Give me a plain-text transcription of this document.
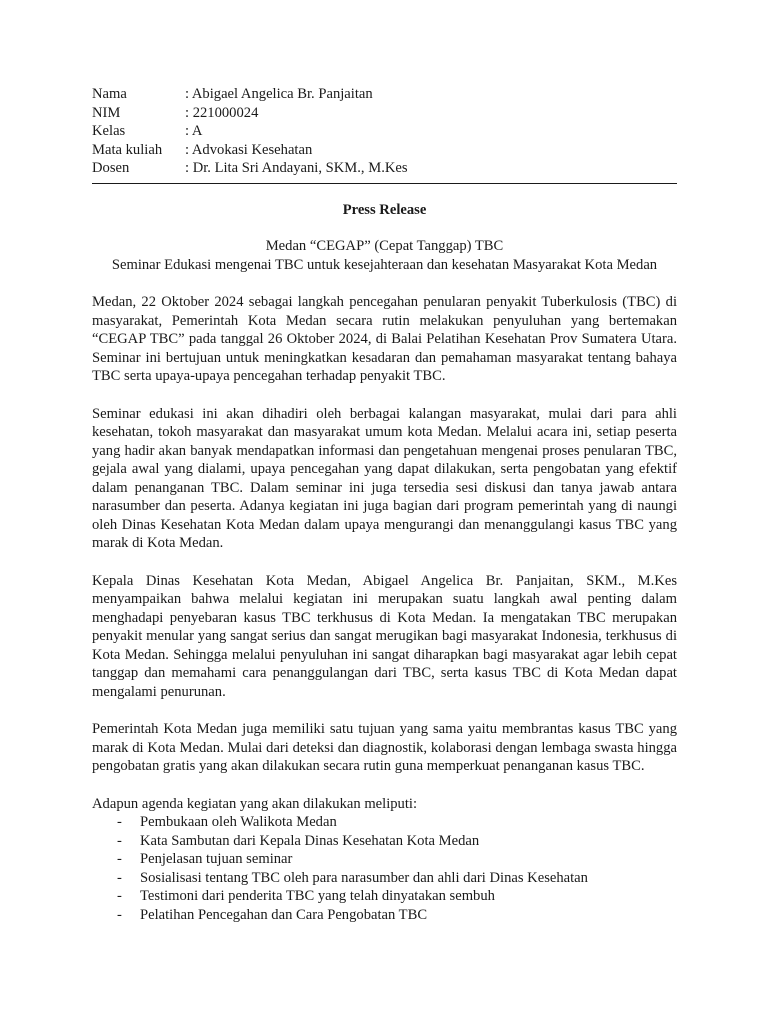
Nama	: Abigael Angelica Br. Panjaitan
NIM	: 221000024
Kelas	: A
Mata kuliah	: Advokasi Kesehatan
Dosen	: Dr. Lita Sri Andayani, SKM., M.Kes
Press Release
Medan “CEGAP” (Cepat Tanggap) TBC
Seminar Edukasi mengenai TBC untuk kesejahteraan dan kesehatan Masyarakat Kota Medan

Medan, 22 Oktober 2024 sebagai langkah pencegahan penularan penyakit Tuberkulosis (TBC) di masyarakat, Pemerintah Kota Medan secara rutin melakukan penyuluhan yang bertemakan “CEGAP TBC” pada tanggal 26 Oktober 2024, di Balai Pelatihan Kesehatan Prov Sumatera Utara. Seminar ini bertujuan untuk meningkatkan kesadaran dan pemahaman masyarakat tentang bahaya TBC serta upaya-upaya pencegahan terhadap penyakit TBC.

Seminar edukasi ini akan dihadiri oleh berbagai kalangan masyarakat, mulai dari para ahli kesehatan, tokoh masyarakat dan masyarakat umum kota Medan. Melalui acara ini, setiap peserta yang hadir akan banyak mendapatkan informasi dan pengetahuan mengenai proses penularan TBC, gejala awal yang dialami, upaya pencegahan yang dapat dilakukan, serta pengobatan yang efektif dalam penanganan TBC. Dalam seminar ini juga tersedia sesi diskusi dan tanya jawab antara narasumber dan peserta. Adanya kegiatan ini juga bagian dari program pemerintah yang di naungi oleh Dinas Kesehatan Kota Medan dalam upaya mengurangi dan menanggulangi kasus TBC yang marak di Kota Medan.

Kepala Dinas Kesehatan Kota Medan, Abigael Angelica Br. Panjaitan, SKM., M.Kes menyampaikan bahwa melalui kegiatan ini merupakan suatu langkah awal penting dalam menghadapi penyebaran kasus TBC terkhusus di Kota Medan. Ia mengatakan TBC merupakan penyakit menular yang sangat serius dan sangat merugikan bagi masyarakat Indonesia, terkhusus di Kota Medan. Sehingga melalui penyuluhan ini sangat diharapkan bagi masyarakat agar lebih cepat tanggap dan memahami cara penanggulangan dari TBC, serta kasus TBC di Kota Medan dapat mengalami penurunan.

Pemerintah Kota Medan juga memiliki satu tujuan yang sama yaitu membrantas kasus TBC yang marak di Kota Medan. Mulai dari deteksi dan diagnostik, kolaborasi dengan lembaga swasta hingga pengobatan gratis yang akan dilakukan secara rutin guna memperkuat penanganan kasus TBC.

Adapun agenda kegiatan yang akan dilakukan meliputi:
- Pembukaan oleh Walikota Medan
- Kata Sambutan dari Kepala Dinas Kesehatan Kota Medan
- Penjelasan tujuan seminar
- Sosialisasi tentang TBC oleh para narasumber dan ahli dari Dinas Kesehatan
- Testimoni dari penderita TBC yang telah dinyatakan sembuh
- Pelatihan Pencegahan dan Cara Pengobatan TBC
